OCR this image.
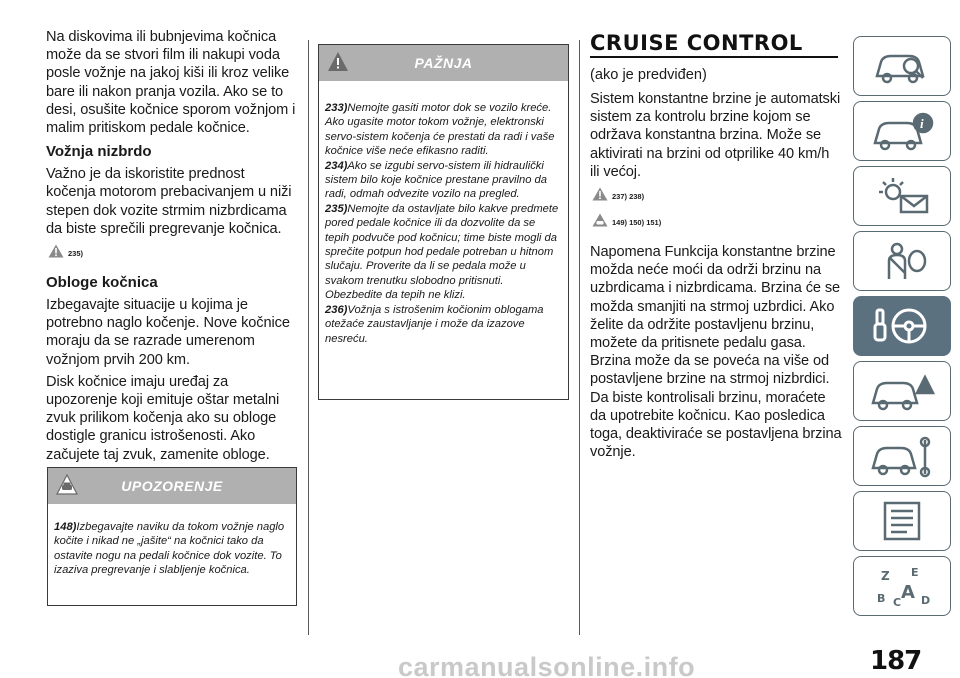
Na diskovima ili bubnjevima kočnica može da se stvori film ili nakupi voda posle vožnje na jakoj kiši ili kroz velike bare ili nakon pranja vozila. Ako se to desi, osušite kočnice sporom vožnjom i malim pritiskom pedale kočnice.

Vožnja nizbrdo

Važno je da iskoristite prednost kočenja motorom prebacivanjem u niži stepen dok vozite strmim nizbrdicama da biste sprečili pregrevanje kočnica.

235)
Obloge kočnica

Izbegavajte situacije u kojima je potrebno naglo kočenje. Nove kočnice moraju da se razrade umerenom vožnjom prvih 200 km.

Disk kočnice imaju uređaj za upozorenje koji emituje oštar metalni zvuk prilikom kočenja ako su obloge dostigle granicu istrošenosti. Ako začujete taj zvuk, zamenite obloge.

UPOZORENJE

148)Izbegavajte naviku da tokom vožnje naglo kočite i nikad ne „jašite“ na kočnici tako da ostavite nogu na pedali kočnice dok vozite. To izaziva pregrevanje i slabljenje kočnica.

PAŽNJA

233)Nemojte gasiti motor dok se vozilo kreće. Ako ugasite motor tokom vožnje, elektronski servo-sistem kočenja će prestati da radi i vaše kočnice više neće efikasno raditi.

234)Ako se izgubi servo-sistem ili hidraulički sistem bilo koje kočnice prestane pravilno da radi, odmah odvezite vozilo na pregled.

235)Nemojte da ostavljate bilo kakve predmete pored pedale kočnice ili da dozvolite da se tepih podvuče pod kočnicu; time biste mogli da sprečite potpun hod pedale potreban u hitnom slučaju. Proverite da li se pedala može u svakom trenutku slobodno pritisnuti. Obezbedite da tepih ne klizi.

236)Vožnja s istrošenim kočionim oblogama otežaće zaustavljanje i može da izazove nesreću.

CRUISE CONTROL

(ako je predviđen)

Sistem konstantne brzine je automatski sistem za kontrolu brzine kojom se održava konstantna brzina. Može se aktivirati na brzini od otprilike 40 km/h ili većoj.

237) 238)
149) 150) 151)

Napomena Funkcija konstantne brzine možda neće moći da održi brzinu na uzbrdicama i nizbrdicama. Brzina će se možda smanjiti na strmoj uzbrdici. Ako želite da održite postavljenu brzinu, možete da pritisnete pedalu gasa. Brzina može da se poveća na više od postavljene brzine na strmoj nizbrdici. Da biste kontrolisali brzinu, moraćete da upotrebite kočnicu. Kao posledica toga, deaktiviraće se postavljena brzina vožnje.

i
Z E
B C D
A
187
carmanualsonline.info
